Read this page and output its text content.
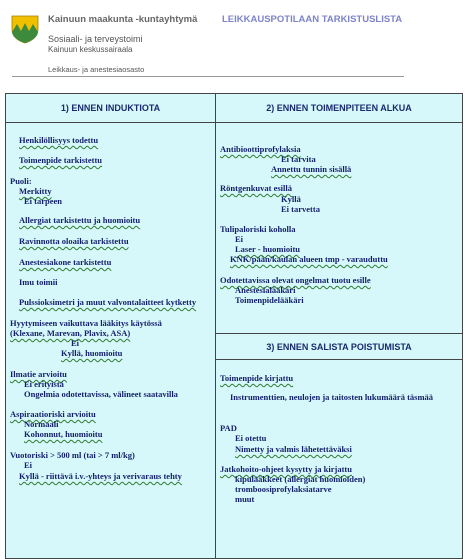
Kainuun maakunta -kuntayhtymä	LEIKKAUSPOTILAAN TARKISTUSLISTA
Sosiaali- ja terveystoimi
Kainuun keskussairaala
Leikkaus- ja anestesiaosasto
1) ENNEN INDUKTIOTA	2) ENNEN TOIMENPITEEN ALKUA
3) ENNEN SALISTA POISTUMISTA
Henkilöllisyys todettu
Toimenpide tarkistettu
Puoli:
Merkitty
Ei tarpeen
Allergiat tarkistettu ja huomioitu
Ravinnotta oloaika tarkistettu
Anestesiakone tarkistettu
Imu toimii
Pulssioksimetri ja muut valvontalaitteet kytketty
Hyytymiseen vaikuttava lääkitys käytössä
(Klexane, Marevan, Plavix, ASA)
Ei
Kyllä, huomioitu
Ilmatie arvioitu
Ei erityistä
Ongelmia odotettavissa, välineet saatavilla
Aspiraatioriski arvioitu
Normaali
Kohonnut, huomioitu
Vuotoriski > 500 ml (tai > 7 ml/kg)
Ei
Kyllä - riittävä i.v.-yhteys ja verivaraus tehty
Antibioottiprofylaksia
Ei tarvita
Annettu tunnin sisällä
Röntgenkuvat esillä
Kyllä
Ei tarvetta
Tulipaloriski koholla
Ei
Laser - huomioitu
KNK/pään/kaulan alueen tmp - varauduttu
Odotettavissa olevat ongelmat tuotu esille
Anestesialääkäri
Toimenpidelääkäri
Toimenpide kirjattu
Instrumenttien, neulojen ja taitosten lukumäärä täsmää
PAD
Ei otettu
Nimetty ja valmis lähetettäväksi
Jatkohoito-ohjeet kysytty ja kirjattu
kipulääkkeet (allergiat huomioiden)
tromboosiprofylaksiatarve
muut
